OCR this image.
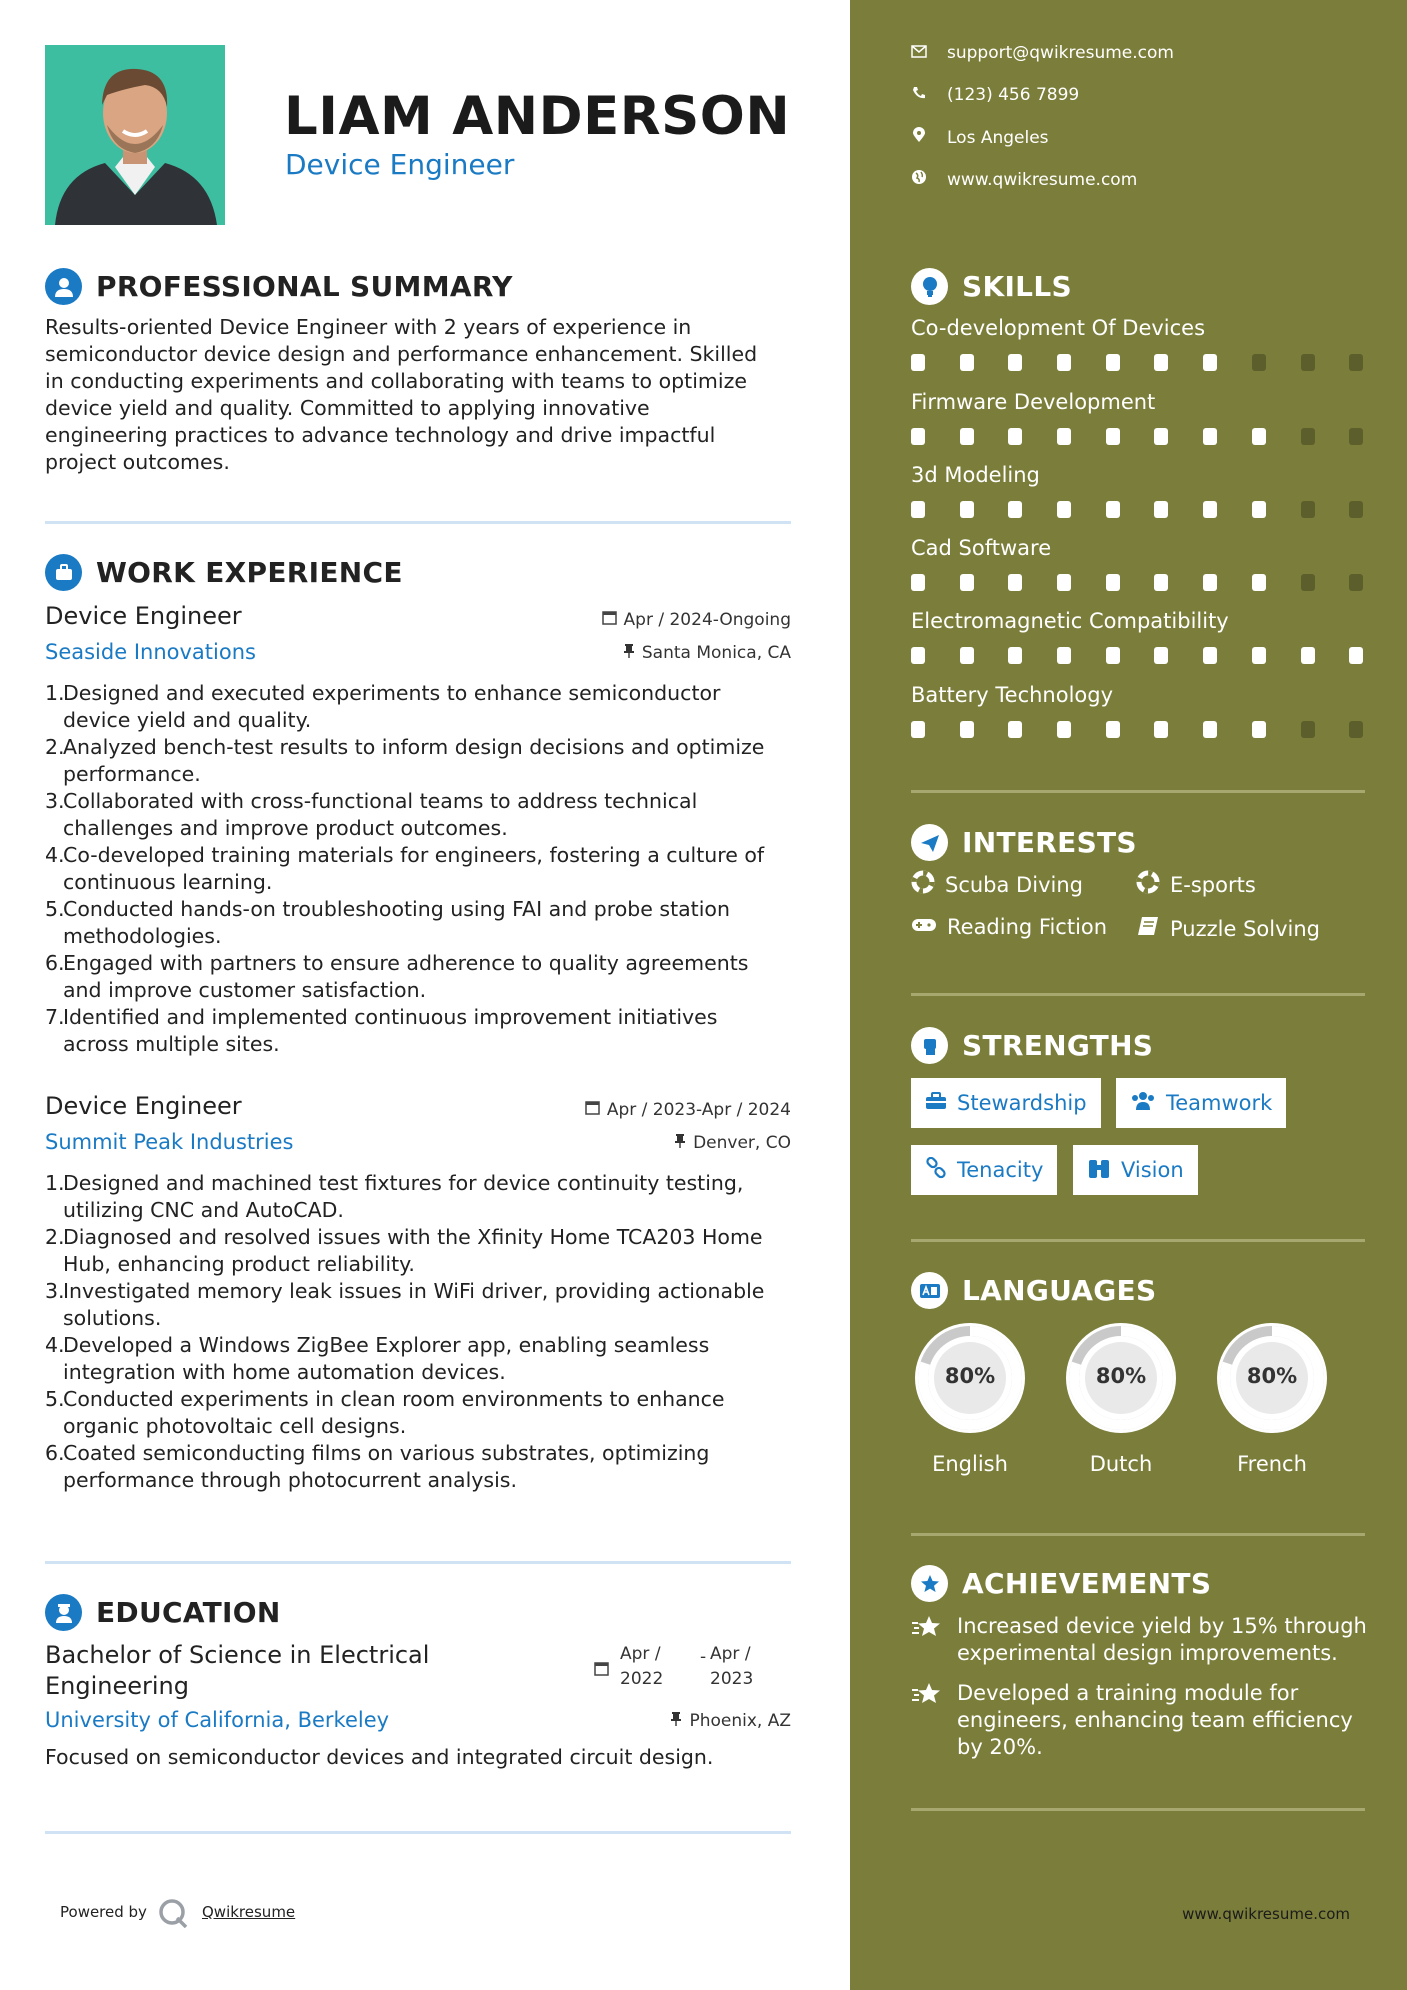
LIAM ANDERSON
Device Engineer
PROFESSIONAL SUMMARY
Results-oriented Device Engineer with 2 years of experience in
semiconductor device design and performance enhancement. Skilled
in conducting experiments and collaborating with teams to optimize
device yield and quality. Committed to applying innovative
engineering practices to advance technology and drive impactful
project outcomes.
WORK EXPERIENCE
Device Engineer
Seaside Innovations
Apr / 2024-Ongoing
Santa Monica, CA
1.
Designed and executed experiments to enhance semiconductor
device yield and quality.
2.
Analyzed bench-test results to inform design decisions and optimize
performance.
3.
Collaborated with cross-functional teams to address technical
challenges and improve product outcomes.
4.
Co-developed training materials for engineers, fostering a culture of
continuous learning.
5.
Conducted hands-on troubleshooting using FAI and probe station
methodologies.
6.
Engaged with partners to ensure adherence to quality agreements
and improve customer satisfaction.
7.
Identified and implemented continuous improvement initiatives
across multiple sites.
Device Engineer
Summit Peak Industries
Apr / 2023-Apr / 2024
Denver, CO
1.
Designed and machined test fixtures for device continuity testing,
utilizing CNC and AutoCAD.
2.
Diagnosed and resolved issues with the Xfinity Home TCA203 Home
Hub, enhancing product reliability.
3.
Investigated memory leak issues in WiFi driver, providing actionable
solutions.
4.
Developed a Windows ZigBee Explorer app, enabling seamless
integration with home automation devices.
5.
Conducted experiments in clean room environments to enhance
organic photovoltaic cell designs.
6.
Coated semiconducting films on various substrates, optimizing
performance through photocurrent analysis.
EDUCATION
Bachelor of Science in Electrical
Engineering
Apr /
2022
- Apr /
2023
University of California, Berkeley	Phoenix, AZ
Focused on semiconductor devices and integrated circuit design.
Powered by	Qwikresume
support@qwikresume.com
(123) 456 7899
Los Angeles
www.qwikresume.com
SKILLS
Co-development Of Devices
Firmware Development
3d Modeling
Cad Software
Electromagnetic Compatibility
Battery Technology
INTERESTS
Scuba Diving	E-sports
Reading Fiction	Puzzle Solving
STRENGTHS
Stewardship	Teamwork
Tenacity	Vision
LANGUAGES
80%
English
80%
Dutch
80%
French
ACHIEVEMENTS
Increased device yield by 15% through
experimental design improvements.
Developed a training module for
engineers, enhancing team efficiency
by 20%.
www.qwikresume.com
